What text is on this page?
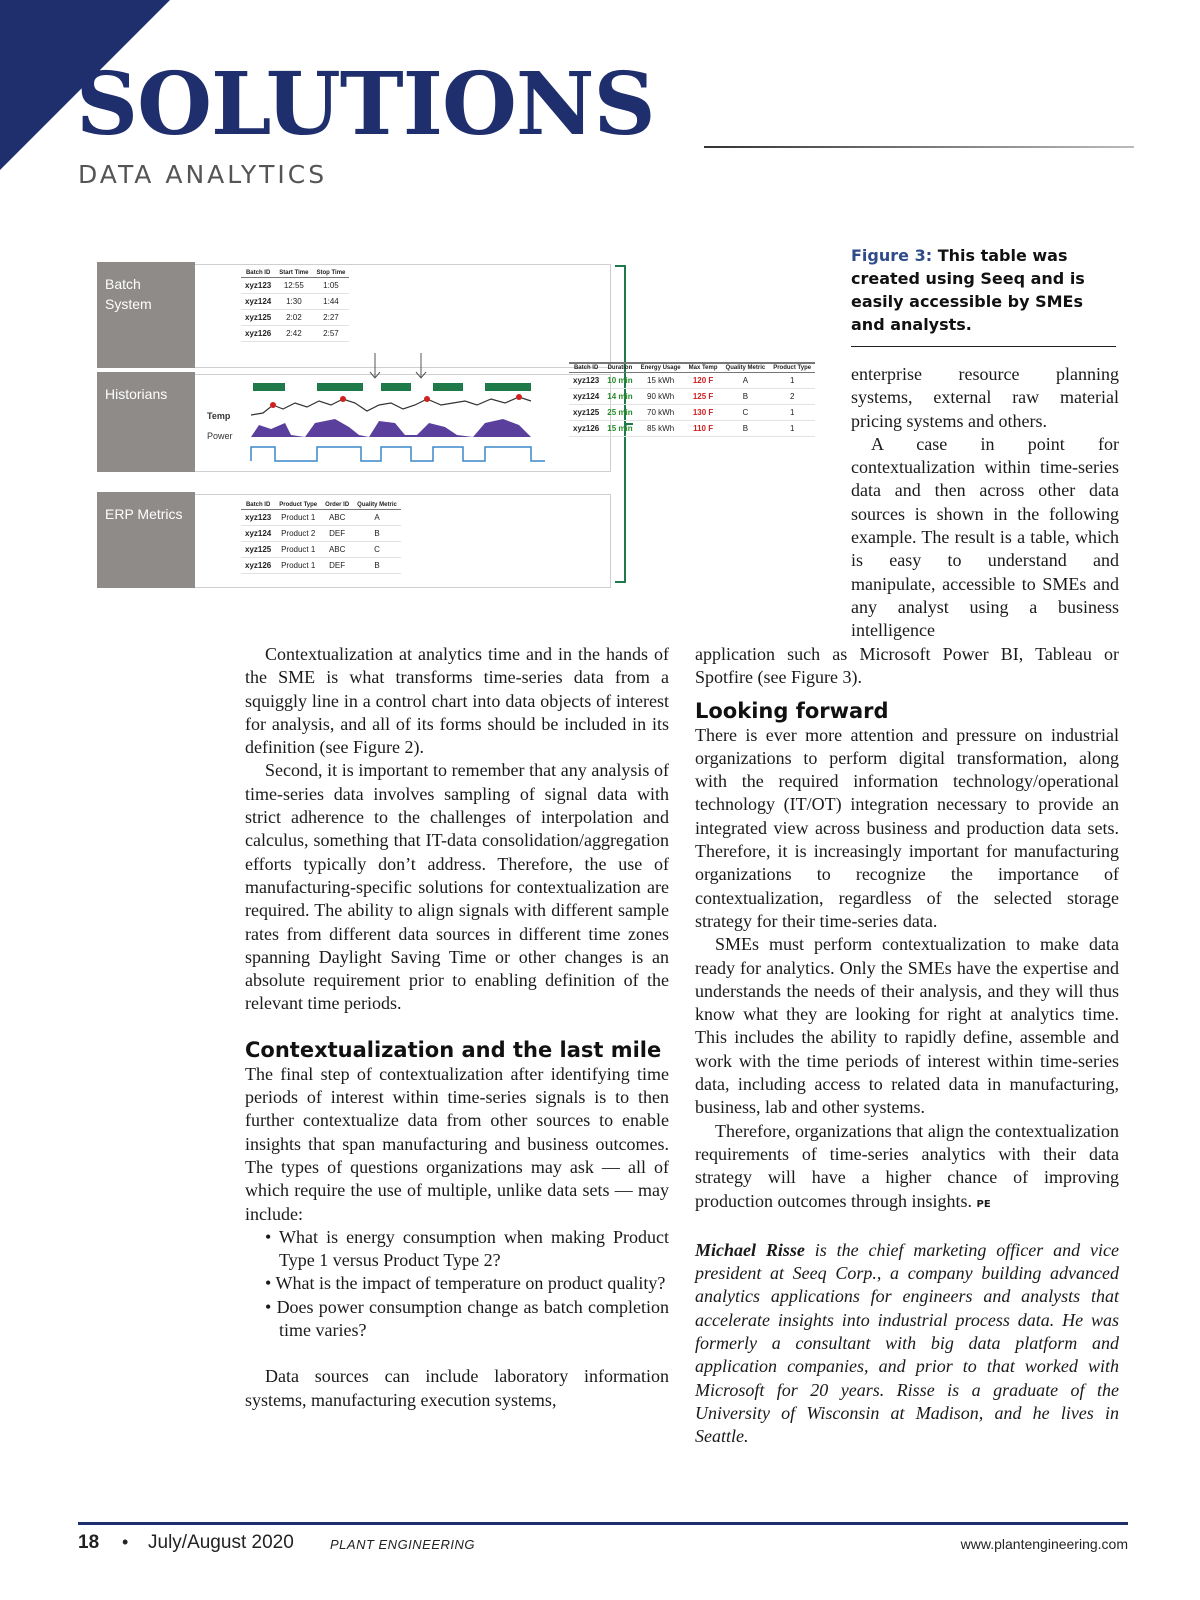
SOLUTIONS
DATA ANALYTICS
Batch System
Batch ID	Start Time	Stop Time
xyz123	12:55	1:05
xyz124	1:30	1:44
xyz125	2:02	2:27
xyz126	2:42	2:57
Historians
Temp
Power
ERP Metrics
Batch ID	Product Type	Order ID	Quality Metric
xyz123	Product 1	ABC	A
xyz124	Product 2	DEF	B
xyz125	Product 1	ABC	C
xyz126	Product 1	DEF	B
Batch ID	Duration	Energy Usage	Max Temp	Quality Metric	Product Type
xyz123	10 min	15 kWh	120 F	A	1
xyz124	14 min	90 kWh	125 F	B	2
xyz125	25 min	70 kWh	130 F	C	1
xyz126	15 min	85 kWh	110 F	B	1
Figure 3: This table was created using Seeq and is easily accessible by SMEs and analysts.

enterprise resource planning systems, external raw material pricing systems and others.

A case in point for contextualization within time-series data and then across other data sources is shown in the following example. The result is a table, which is easy to understand and manipulate, accessible to SMEs and any analyst using a business intelligence

Contextualization at analytics time and in the hands of the SME is what transforms time-series data from a squiggly line in a control chart into data objects of interest for analysis, and all of its forms should be included in its definition (see Figure 2).

Second, it is important to remember that any analysis of time-series data involves sampling of signal data with strict adherence to the challenges of interpolation and calculus, something that IT-data consolidation/aggregation efforts typically don’t address. Therefore, the use of manufacturing-specific solutions for contextualization are required. The ability to align signals with different sample rates from different data sources in different time zones spanning Daylight Saving Time or other changes is an absolute requirement prior to enabling definition of the relevant time periods.

Contextualization and the last mile

The final step of contextualization after identifying time periods of interest within time-series signals is to then further contextualize data from other sources to enable insights that span manufacturing and business outcomes. The types of questions organizations may ask — all of which require the use of multiple, unlike data sets — may include:

• What is energy consumption when making Product Type 1 versus Product Type 2?
• What is the impact of temperature on product quality?
• Does power consumption change as batch completion time varies?

Data sources can include laboratory information systems, manufacturing execution systems,

application such as Microsoft Power BI, Tableau or Spotfire (see Figure 3).

Looking forward

There is ever more attention and pressure on industrial organizations to perform digital transformation, along with the required information technology/operational technology (IT/OT) integration necessary to provide an integrated view across business and production data sets. Therefore, it is increasingly important for manufacturing organizations to recognize the importance of contextualization, regardless of the selected storage strategy for their time-series data.

SMEs must perform contextualization to make data ready for analytics. Only the SMEs have the expertise and understands the needs of their analysis, and they will thus know what they are looking for right at analytics time. This includes the ability to rapidly define, assemble and work with the time periods of interest within time-series data, including access to related data in manufacturing, business, lab and other systems.

Therefore, organizations that align the contextualization requirements of time-series analytics with their data strategy will have a higher chance of improving production outcomes through insights. PE

Michael Risse is the chief marketing officer and vice president at Seeq Corp., a company building advanced analytics applications for engineers and analysts that accelerate insights into industrial process data. He was formerly a consultant with big data platform and application companies, and prior to that worked with Microsoft for 20 years. Risse is a graduate of the University of Wisconsin at Madison, and he lives in Seattle.

18 • July/August 2020	PLANT ENGINEERING	www.plantengineering.com
